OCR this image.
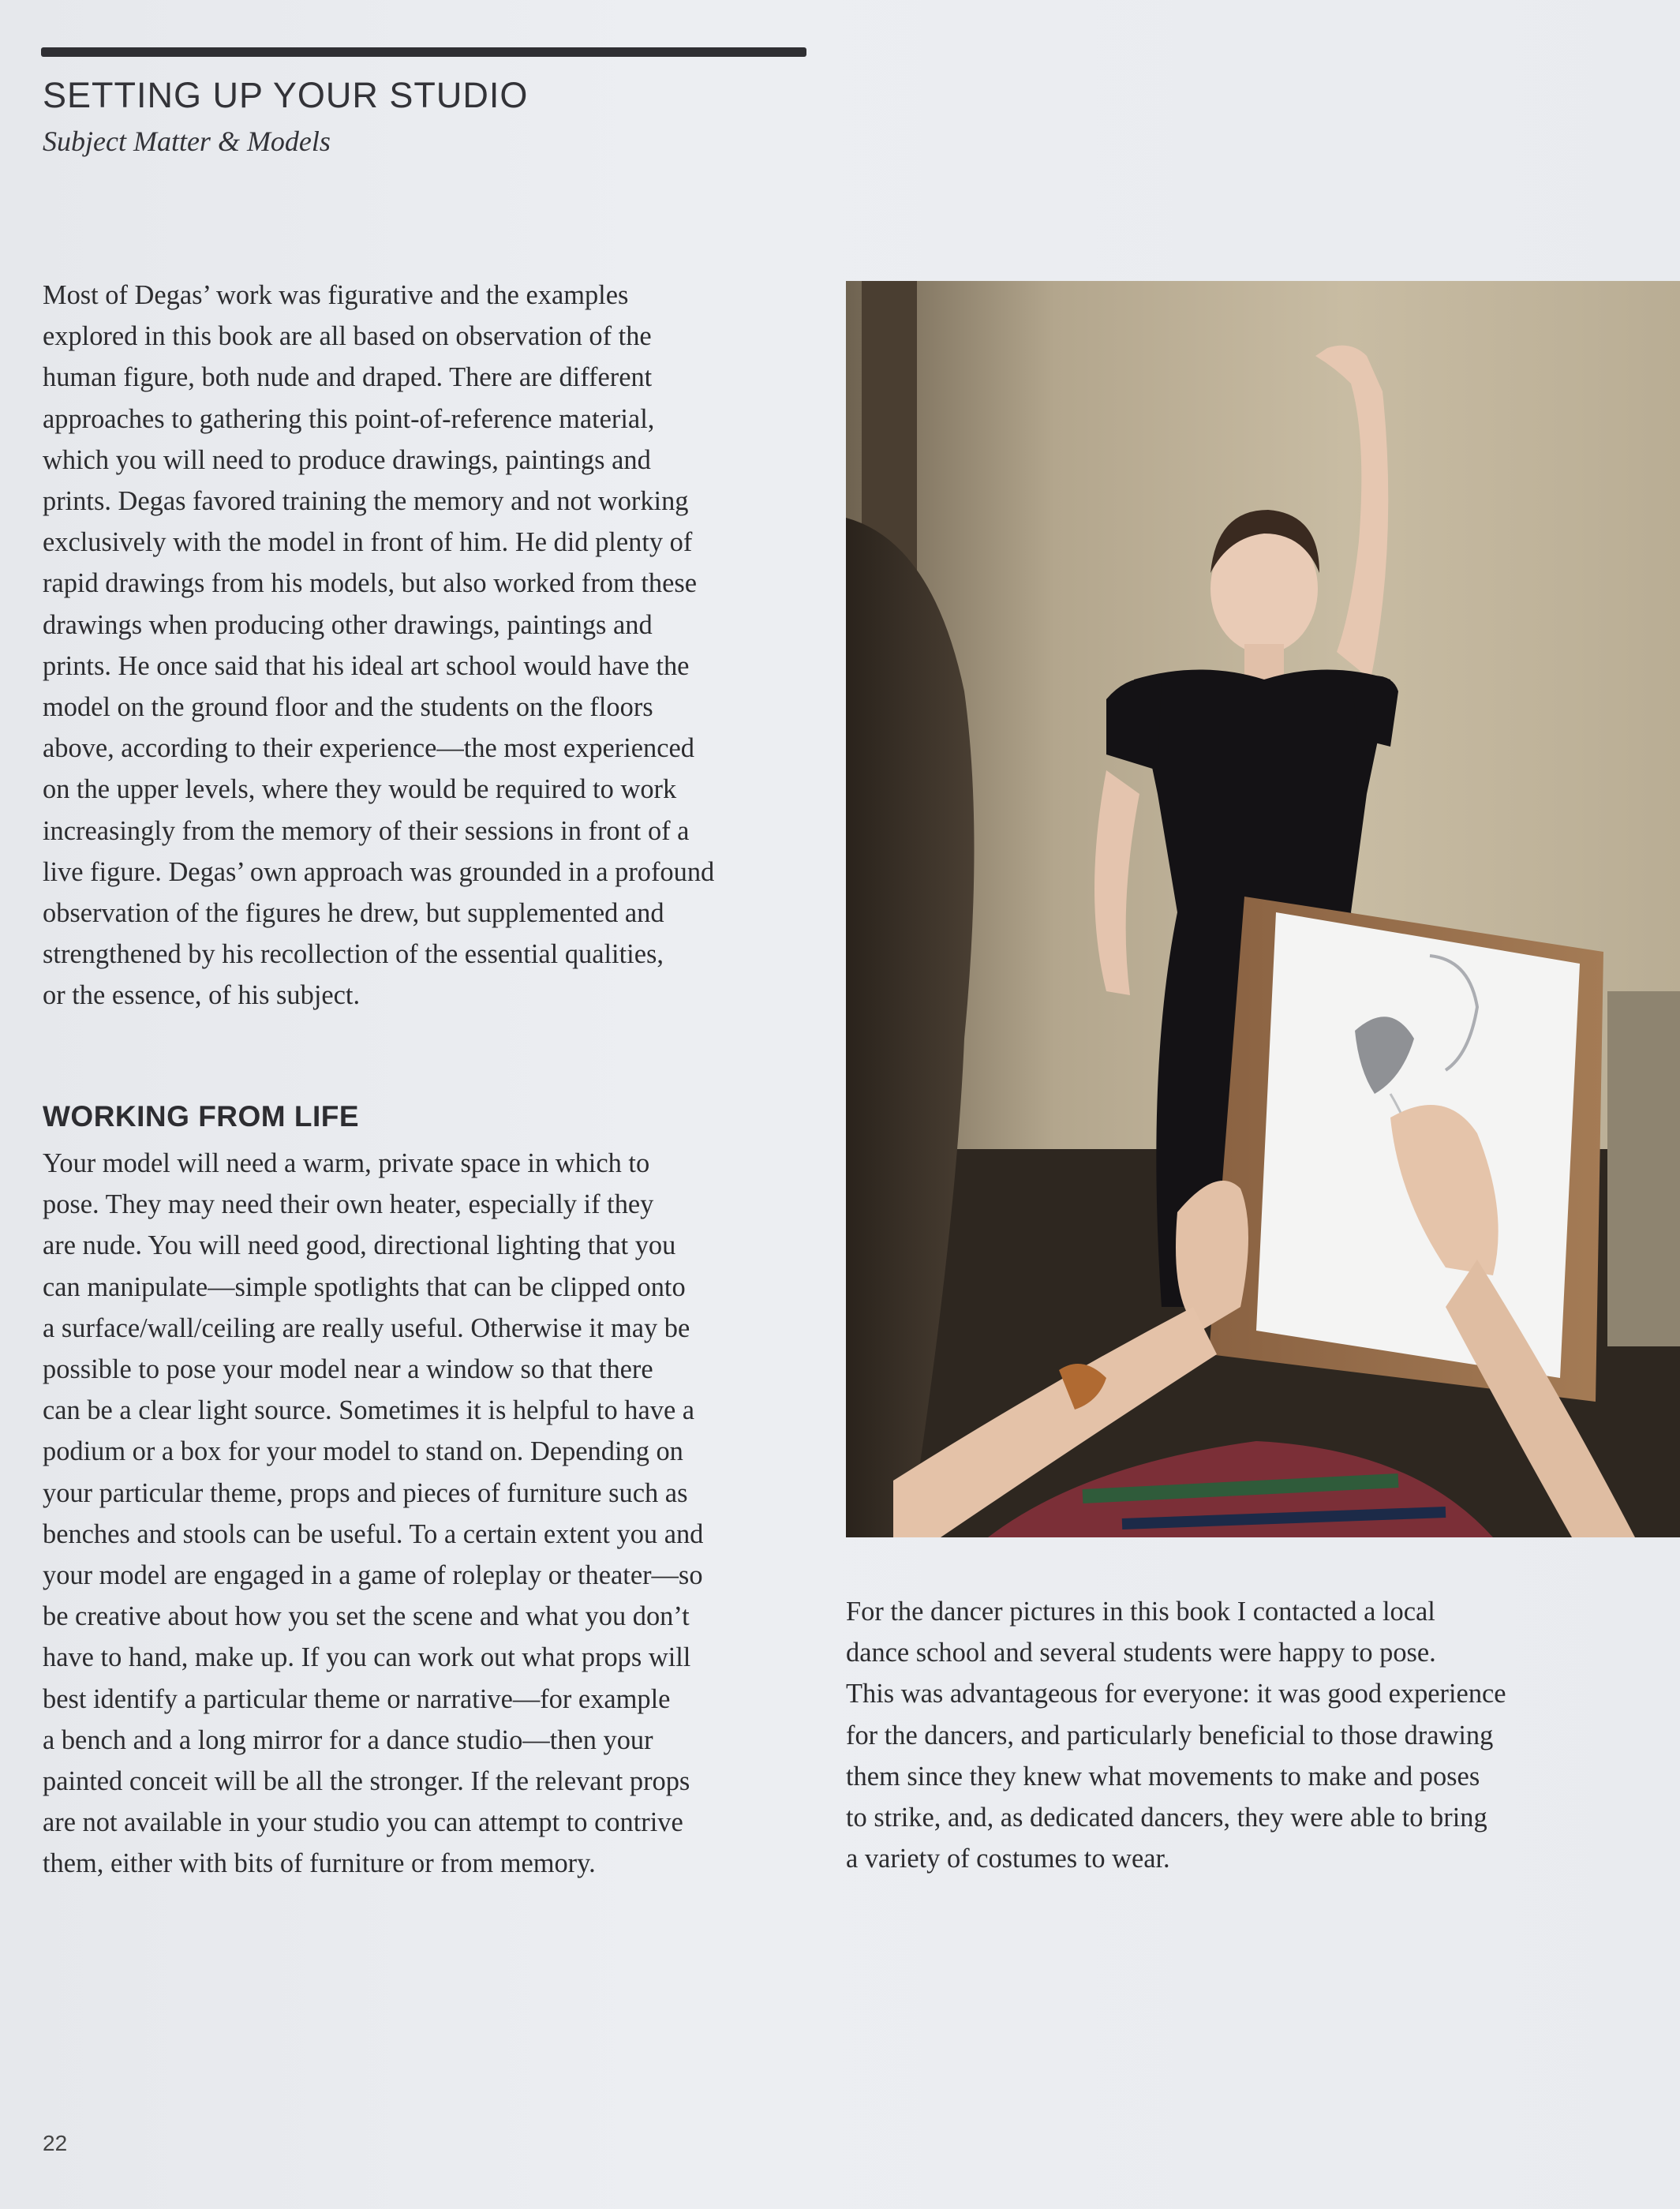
SETTING UP YOUR STUDIO

Subject Matter & Models

Most of Degas’ work was figurative and the examples
explored in this book are all based on observation of the
human figure, both nude and draped. There are different
approaches to gathering this point-of-reference material,
which you will need to produce drawings, paintings and
prints. Degas favored training the memory and not working
exclusively with the model in front of him. He did plenty of
rapid drawings from his models, but also worked from these
drawings when producing other drawings, paintings and
prints. He once said that his ideal art school would have the
model on the ground floor and the students on the floors
above, according to their experience—the most experienced
on the upper levels, where they would be required to work
increasingly from the memory of their sessions in front of a
live figure. Degas’ own approach was grounded in a profound
observation of the figures he drew, but supplemented and
strengthened by his recollection of the essential qualities,
or the essence, of his subject.

WORKING FROM LIFE

Your model will need a warm, private space in which to
pose. They may need their own heater, especially if they
are nude. You will need good, directional lighting that you
can manipulate—simple spotlights that can be clipped onto
a surface/wall/ceiling are really useful. Otherwise it may be
possible to pose your model near a window so that there
can be a clear light source. Sometimes it is helpful to have a
podium or a box for your model to stand on. Depending on
your particular theme, props and pieces of furniture such as
benches and stools can be useful. To a certain extent you and
your model are engaged in a game of roleplay or theater—so
be creative about how you set the scene and what you don’t
have to hand, make up. If you can work out what props will
best identify a particular theme or narrative—for example
a bench and a long mirror for a dance studio—then your
painted conceit will be all the stronger. If the relevant props
are not available in your studio you can attempt to contrive
them, either with bits of furniture or from memory.

For the dancer pictures in this book I contacted a local
dance school and several students were happy to pose.
This was advantageous for everyone: it was good experience
for the dancers, and particularly beneficial to those drawing
them since they knew what movements to make and poses
to strike, and, as dedicated dancers, they were able to bring
a variety of costumes to wear.

22
